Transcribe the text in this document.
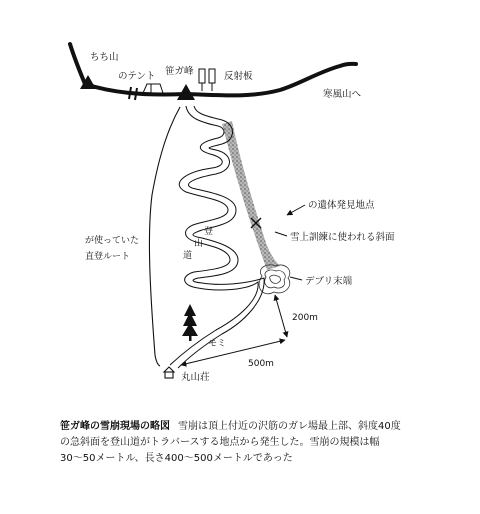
ちち山
のテント 笹ガ峰	反射板
寒風山へ
の遺体発見地点
雪上訓練に使われる斜面
デブリ末端
が使っていた
直登ルート
登
山
道
モミ
丸山荘
200m
500m
笹ガ峰の雪崩現場の略図 雪崩は頂上付近の沢筋のガレ場最上部、斜度40度
の急斜面を登山道がトラバースする地点から発生した。雪崩の規模は幅
30～50メートル、長さ400～500メートルであった
